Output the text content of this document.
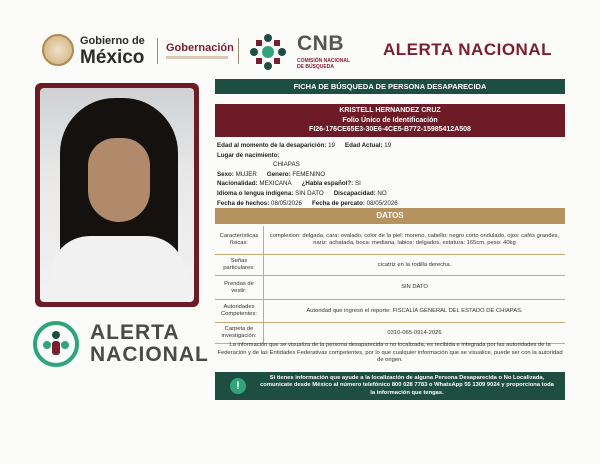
Gobierno de
México Gobernación	CNB
COMISIÓN NACIONAL
DE BÚSQUEDA
ALERTA NACIONAL
ALERTA
NACIONAL
FICHA DE BÚSQUEDA DE PERSONA DESAPARECIDA
KRISTELL HERNANDEZ CRUZ
Folio Único de Identificación
FI26-176CE65E3-30E6-4CE5-B772-15985412A508
Edad al momento de la desaparición: 19 Edad Actual: 19
Lugar de nacimiento:
CHIAPAS
Sexo: MUJER Genero: FEMENINO
Nacionalidad: MEXICANA ¿Habla español?: SI
Idioma o lengua indígena: SIN DATO Discapacidad: NO
Fecha de hechos: 08/05/2026 Fecha de percato: 08/05/2026
DATOS
Características físicas:
complexion: delgada, cara: ovalado, color de la piel: moreno, cabello: negro corto ondulado, ojos: cafés grandes, nariz: achatada, boca: mediana, labios: delgados, estatura: 165cm, peso: 40kg
Señas particulares:
cicatriz en la rodilla derecha.
Prendas de vestir:
SIN DATO
Autoridades Competentes:
Autoridad que ingresó el reporte: FISCALÍA GENERAL DEL ESTADO DE CHIAPAS.
Carpeta de investigación:
0310-065-0914-2026
La información que se visualiza de la persona desaparecida o no localizada, es recibida e integrada por las autoridades de la Federación y de las Entidades Federativas competentes, por lo que cualquier información que se visualice, puede ser con la autoridad de origen.
!
Si tienes información que ayude a la localización de alguna Persona Desaparecida o No Localizada, comunicate desde México al número telefónico 800 028 7783 o WhatsApp 55 1309 9024 y proporciona toda la información que tengas.
